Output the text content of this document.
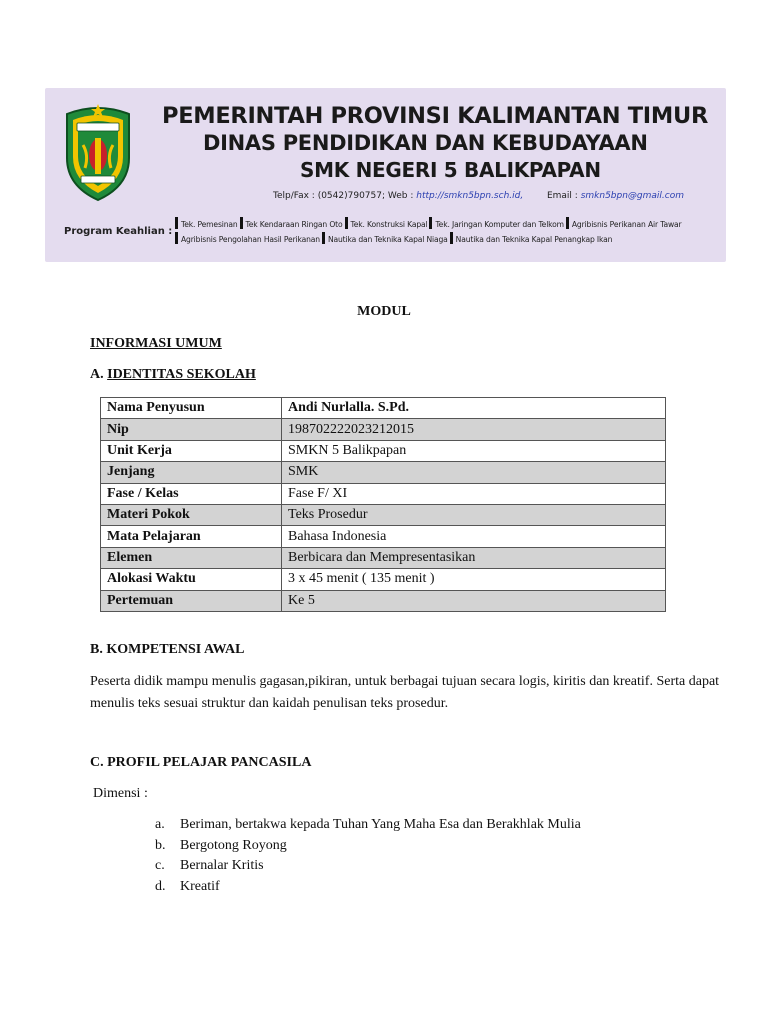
PEMERINTAH PROVINSI KALIMANTAN TIMUR
DINAS PENDIDIKAN DAN KEBUDAYAAN
SMK NEGERI 5 BALIKPAPAN
Telp/Fax : (0542)790757; Web : http://smkn5bpn.sch.id,	Email : smkn5bpn@gmail.com
Program Keahlian :
Tek. Pemesinan Tek Kendaraan Ringan Oto Tek. Konstruksi Kapal Tek. Jaringan Komputer dan Telkom Agribisnis Perikanan Air Tawar
Agribisnis Pengolahan Hasil Perikanan Nautika dan Teknika Kapal Niaga Nautika dan Teknika Kapal Penangkap Ikan
MODUL
INFORMASI UMUM
A. IDENTITAS SEKOLAH
Nama Penyusun	Andi Nurlalla. S.Pd.
Nip	198702222023212015
Unit Kerja	SMKN 5 Balikpapan
Jenjang	SMK
Fase / Kelas	Fase F/ XI
Materi Pokok	Teks Prosedur
Mata Pelajaran	Bahasa Indonesia
Elemen	Berbicara dan Mempresentasikan
Alokasi Waktu	3 x 45 menit ( 135 menit )
Pertemuan	Ke 5
B. KOMPETENSI AWAL
Peserta didik mampu menulis gagasan,pikiran, untuk berbagai tujuan secara logis, kiritis dan kreatif. Serta dapat menulis teks sesuai struktur dan kaidah penulisan teks prosedur.
C. PROFIL PELAJAR PANCASILA
Dimensi :
a. Beriman, bertakwa kepada Tuhan Yang Maha Esa dan Berakhlak Mulia
b. Bergotong Royong
c. Bernalar Kritis
d. Kreatif
